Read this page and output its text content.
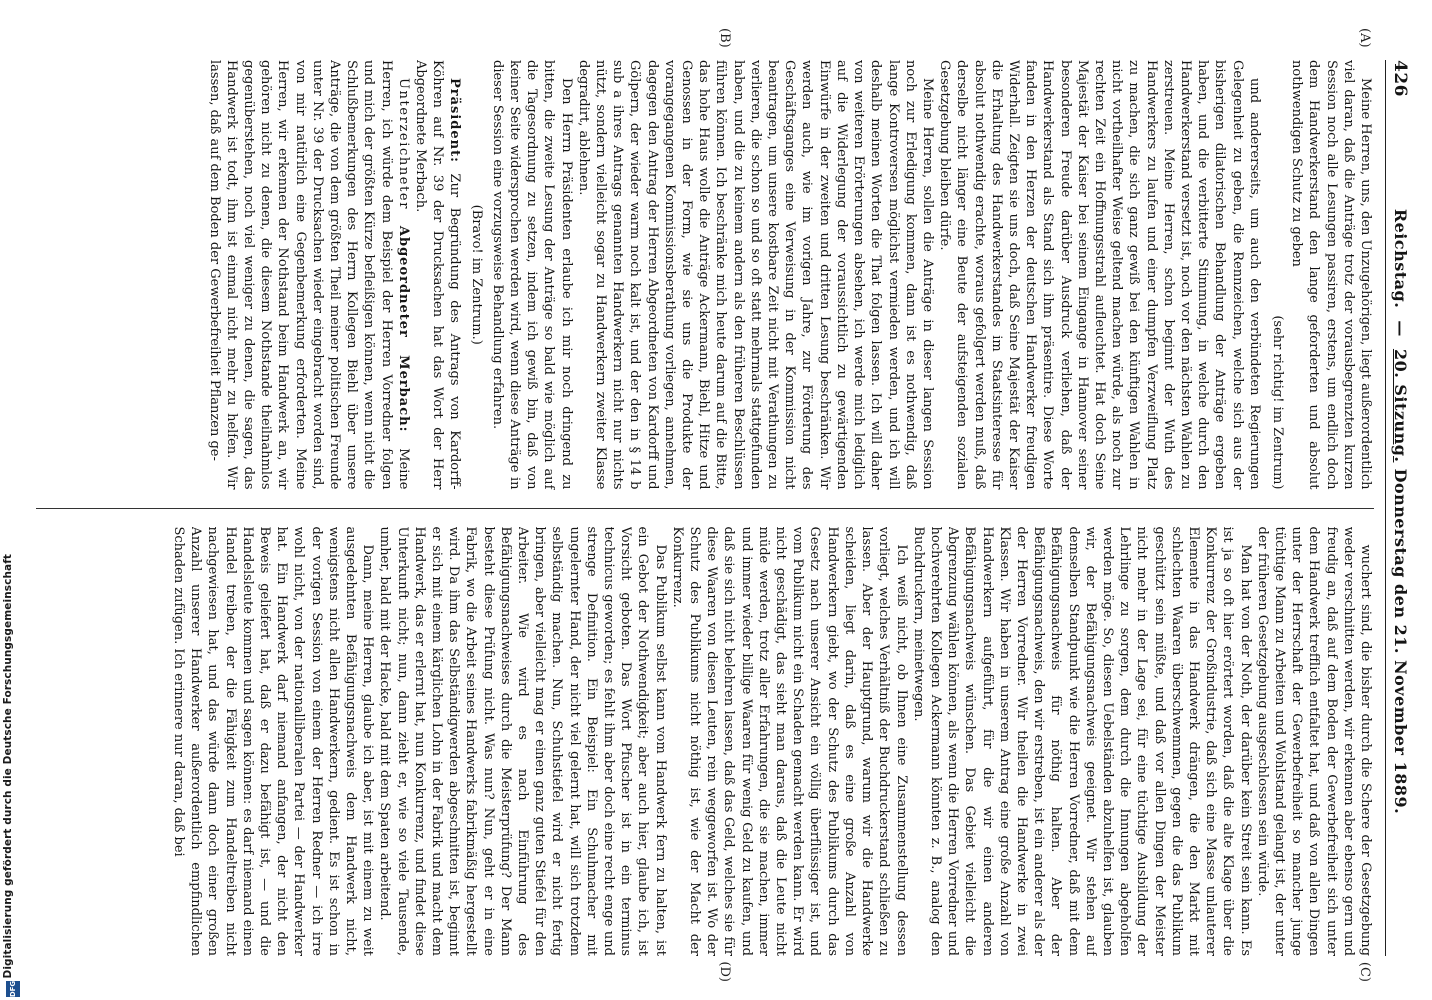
Digitalisierung gefördert durch die Deutsche Forschungsgemeinschaft
DFG
426
Reichstag. — 20. Sitzung. Donnerstag den 21. November 1889.
(A)
(B)
(C)
(D)

Meine Herren, uns, den Unzugehörigen, liegt außerordentlich viel daran, daß die Anträge trotz der vorausbegrenzten kurzen Session noch alle Lesungen passiren, erstens, um endlich doch dem Handwerkerstand den lange geforderten und absolut nothwendigen Schutz zu geben

(sehr richtig! im Zentrum)

und andererseits, um auch den verbündeten Regierungen Gelegenheit zu geben, die Rennzeichen, welche sich aus der bisherigen dilatorischen Behandlung der Anträge ergeben haben, und die verbitterte Stimmung, in welche durch den Handwerkerstand versetzt ist, noch vor den nächsten Wahlen zu zerstreuen. Meine Herren, schon beginnt der Wuth des Handwerkers zu laufen und einer dumpfen Verzweiflung Platz zu machen, die sich ganz gewiß bei den künftigen Wahlen in nicht vortheilhafter Weise geltend machen würde, als noch zur rechten Zeit ein Hoffnungsstrahl aufleuchtet. Hat doch Seine Majestät der Kaiser bei seinem Eingange in Hannover seiner besonderen Freude darüber Ausdruck verliehen, daß der Handwerkerstand als Stand sich ihm präsentire. Diese Worte fanden in den Herzen der deutschen Handwerker freudigen Widerhall. Zeigten sie uns doch, daß Seine Majestät der Kaiser die Erhaltung des Handwerkerstandes im Staatsinteresse für absolut nothwendig erachte, woraus gefolgert werden muß, daß derselbe nicht länger eine Beute der aufsteigenden sozialen Gesetzgebung bleiben dürfe.

Meine Herren, sollen die Anträge in dieser langen Session noch zur Erledigung kommen, dann ist es nothwendig, daß lange Kontroversen möglichst vermieden werden, und ich will deshalb meinen Worten die That folgen lassen. Ich will daher von weiteren Erörterungen absehen, ich werde mich lediglich auf die Widerlegung der voraussichtlich zu gewärtigenden Einwürfe in der zweiten und dritten Lesung beschränken. Wir werden auch, wie im vorigen Jahre, zur Förderung des Geschäftsganges eine Verweisung in der Kommission nicht beantragen, um unsere kostbare Zeit nicht mit Verathungen zu verlieren, die schon so und so oft statt mehrmals stattgefunden haben, und die zu keinem andern als den früheren Beschlüssen führen können. Ich beschränke mich heute darum auf die Bitte, das hohe Haus wolle die Anträge Ackermann, Biehl, Hitze und Genossen in der Form, wie sie uns die Produkte der vorangegangenen Kommissionsberathung vorliegen, annehmen, dagegen den Antrag der Herren Abgeordneten von Kardorff und Gölpern, der wieder warm noch kalt ist, und der den in § 14 b sub a ihres Antrags genannten Handwerkern nicht nur nichts nützt, sondern vielleicht sogar zu Handwerkern zweiter Klasse degradirt, ablehnen.

Den Herrn Präsidenten erlaube ich mir noch dringend zu bitten, die zweite Lesung der Anträge so bald wie möglich auf die Tagesordnung zu setzen, indem ich gewiß bin, daß von keiner Seite widersprochen werden wird, wenn diese Anträge in dieser Session eine vorzugsweise Behandlung erfahren.

(Bravo! im Zentrum.)

Präsident: Zur Begründung des Antrags von Kardorff-Köhren auf Nr. 39 der Drucksachen hat das Wort der Herr Abgeordnete Merbach.

Unterzeichneter Abgeordneter Merbach: Meine Herren, ich würde dem Beispiel der Herren Vorredner folgen und mich der größten Kürze befleißigen können, wenn nicht die Schlußbemerkungen des Herrn Kollegen Biehl über unsere Anträge, die von dem größten Theil meiner politischen Freunde unter Nr. 39 der Drucksachen wieder eingebracht worden sind, von mir natürlich eine Gegenbemerkung erforderten. Meine Herren, wir erkennen der Nothstand beim Handwerk an, wir gehören nicht zu denen, die diesem Nothstande theilnahmlos gegenüberstehen, noch viel weniger zu denen, die sagen, das Handwerk ist todt, ihm ist einmal nicht mehr zu helfen. Wir lassen, daß auf dem Boden der Gewerbefreiheit Pflanzen ge-

wuchert sind, die bisher durch die Schere der Gesetzgebung weder verschnitten werden, wir erkennen aber ebenso gern und freudig an, daß auf dem Boden der Gewerbefreiheit sich unter dem Handwerk trefflich entfaltet hat, und daß von allen Dingen unter der Herrschaft der Gewerbefreiheit so mancher junge tüchtige Mann zu Arbeiten und Wohlstand gelangt ist, der unter der früheren Gesetzgebung ausgeschlossen sein würde.

Man hat von der Noth, der darüber kein Streit sein kann. Es ist ja so oft hier erörtert worden, daß die alte Klage über die Konkurrenz der Großindustrie, daß sich eine Masse unlauterer Elemente in das Handwerk drängen, die den Markt mit schlechten Waaren überschwemmen, gegen die das Publikum geschützt sein müßte, und daß vor allen Dingen der Meister nicht mehr in der Lage sei, für eine tüchtige Ausbildung der Lehrlinge zu sorgen, dem durch die Innungen abgeholfen werden möge. So, diesen Uebelständen abzuhelfen ist, glauben wir, der Befähigungsnachweis geeignet. Wir stehen auf demselben Standpunkt wie die Herren Vorredner, daß mit dem Befähigungsnachweis für nöthig halten. Aber der Befähigungsnachweis, den wir erstreben, ist ein anderer als der der Herren Vorredner. Wir theilen die Handwerke in zwei Klassen. Wir haben in unserem Antrag eine große Anzahl von Handwerkern aufgeführt, für die wir einen anderen Befähigungsnachweis wünschen. Das Gebiet vielleicht die Abgrenzung wählen können, als wenn die Herren Vorredner und hochverehrten Kollegen Ackermann könnten z. B., analog den Buchdruckern, meinetwegen.

Ich weiß nicht, ob Ihnen eine Zusammenstellung dessen vorliegt, welches Verhältniß der Buchdruckerstand schließen zu lassen. Aber der Hauptgrund, warum wir die Handwerke scheiden, liegt darin, daß es eine große Anzahl von Handwerkern giebt, wo der Schutz des Publikums durch das Gesetz nach unserer Ansicht ein völlig überflüssiger ist, und vom Publikum nicht ein Schaden gemacht werden kann. Er wird nicht geschädigt, das sieht man daraus, daß die Leute nicht müde werden, trotz aller Erfahrungen, die sie machen, immer und immer wieder billige Waaren für wenig Geld zu kaufen, und daß sie sich nicht belehren lassen, daß das Geld, welches sie für diese Waaren von diesen Leuten, rein weggeworfen ist. Wo der Schutz des Publikums nicht nöthig ist, wie der Macht der Konkurrenz.

Das Publikum selbst kann vom Handwerk fern zu halten, ist ein Gebot der Nothwendigkeit; aber auch hier, glaube ich, ist Vorsicht geboten. Das Wort Pfuscher ist in ein terminus technicus geworden; es fehlt ihm aber doch eine recht enge und strenge Definition. Ein Beispiel: Ein Schuhmacher mit ungelernter Hand, der nicht viel gelernt hat, will sich trotzdem selbständig machen. Nun, Schuhstiefel wird er nicht fertig bringen, aber vielleicht mag er einen ganz guten Stiefel für den Arbeiter. Wie wird es nach Einführung des Befähigungsnachweises durch die Meisterprüfung? Der Mann besteht diese Prüfung nicht. Was nun? Nun, geht er in eine Fabrik, wo die Arbeit seines Handwerks fabrikmäßig hergestellt wird. Da ihm das Selbständigwerden abgeschnitten ist, beginnt er sich mit einem kärglichen Lohn in der Fabrik und macht dem Handwerk, das er erlernt hat, nun Konkurrenz, und findet diese Unterkunft nicht; nun, dann zieht er, wie so viele Tausende, umher, bald mit der Hacke, bald mit dem Spaten arbeitend.

Dann, meine Herren, glaube ich aber, ist mit einem zu weit ausgedehnten Befähigungsnachweis dem Handwerk nicht, wenigstens nicht allen Handwerkern, gedient. Es ist schon in der vorigen Session von einem der Herren Redner — ich irre wohl nicht, von der nationalliberalen Partei — der Handwerker hat. Ein Handwerk darf niemand anfangen, der nicht den Beweis geliefert hat, daß er dazu befähigt ist, — und die Handelsleute kommen und sagen können: es darf niemand einen Handel treiben, der die Fähigkeit zum Handeltreiben nicht nachgewiesen hat, und das würde dann doch einer großen Anzahl unserer Handwerker außerordentlich empfindlichen Schaden zufügen. Ich erinnere nur daran, daß bei
